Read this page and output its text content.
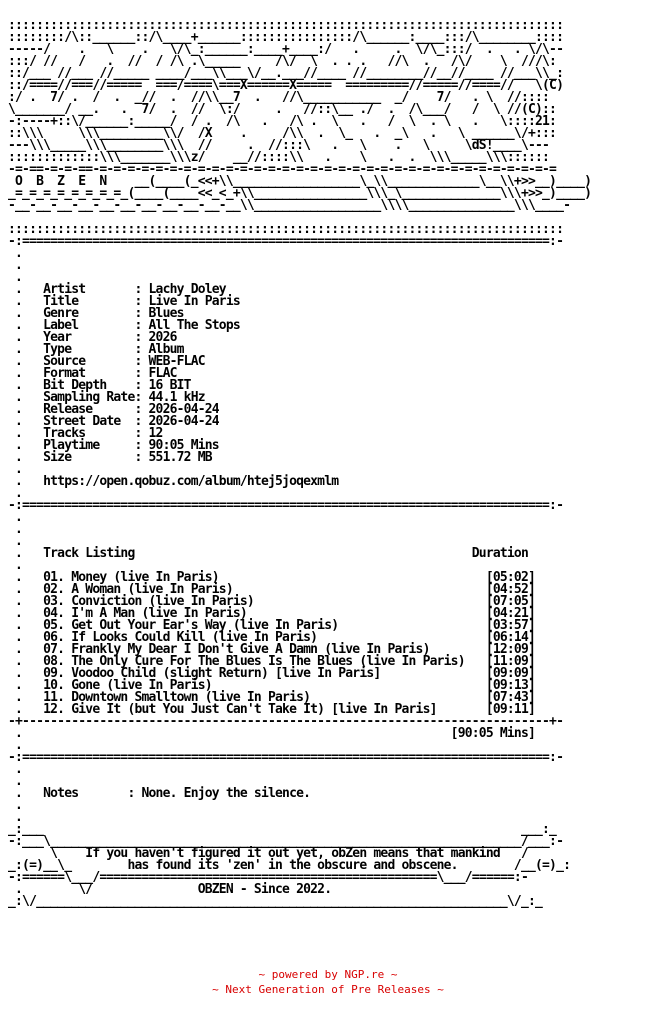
:::::::::::::::::::::::::::::::::::::::::::::::::::::::::::::::::::::::::::::::
::::::::/\::______::/\____+______::::::::::::::::/\______:____:::/\________::::
-----/    .   \    .   \/\_:______:____+____:/   .     .  \/\_:::/  .   . \/\--
:::/ //   /   .  //  / /\ .\_____     /\/  \  . . .   //\  .   /\/    \  ///\:
::/___ //___ //_____ ____/___\\___\/__.___//____ //________//__//____ //___\\_:
::/====//===//=====  ===/====\===X======X=====  =========//=====//====//   \(C)
:/ .  7/ .  /  .  _//  .  //\\__7  .   //\___________  _/    7/   . \  //::::
\_______/ __.   .  7/  .  //  \:/     .   //::\__ ./  .  /\___/   /  \ //(C)::
-:----+::\/______:_____/  / .  /\   .   /\ .  \   .   /  \  . \   .   \::::21:
::\\\     \\\_________\\/  /X    .     /\\  .  \_   .  _\   .   \ ______\/+:::
---\\\_____\\\________\\\  //     .  //:::\   .   \    .   \     \dS!____\---
:::::::::::::\\\_______\\\z/    __//::::\\   .    \   .  .  \\\_____\\\::::::
-=-==-=-=-==-=-=-=-=-=-=-=-=-=-=-=-=-=-=-=-=-=-=-=-=-=-=-=-=-=-=-=-=-=-=-=-=-=
O  B  Z  E  N    __(____(_<<+\\__________________\_\\_____________\__\\+>>__)____)
_=_=_=_=_=_=_=_=_(____(____<<_<_+\\________________\\\_\______________\\\+>>_)____)
-__-__-__-__-__-__-__-__-__-__-__\\__________________\\\\_______________\\\____-
:::::::::::::::::::::::::::::::::::::::::::::::::::::::::::::::::::::::::::::::
-:===========================================================================:-
.
.
.
.   Artist       : Lachy Doley
.   Title        : Live In Paris
.   Genre        : Blues
.   Label        : All The Stops
.   Year         : 2026
.   Type         : Album
.   Source       : WEB-FLAC
.   Format       : FLAC
.   Bit Depth    : 16 BIT
.   Sampling Rate: 44.1 kHz
.   Release      : 2026-04-24
.   Street Date  : 2026-04-24
.   Tracks       : 12
.   Playtime     : 90:05 Mins
.   Size         : 551.72 MB
.
.   https://open.qobuz.com/album/htej5joqexmlm
.
-:===========================================================================:-
.
.
.
.   Track Listing                                                Duration
.
.   01. Money (live In Paris)                                      [05:02]
.   02. A Woman (live In Paris)                                    [04:52]
.   03. Conviction (live In Paris)                                 [07:05]
.   04. I'm A Man (live In Paris)                                  [04:21]
.   05. Get Out Your Ear's Way (live In Paris)                     [03:57]
.   06. If Looks Could Kill (live In Paris)                        [06:14]
.   07. Frankly My Dear I Don't Give A Damn (live In Paris)        [12:09]
.   08. The Only Cure For The Blues Is The Blues (live In Paris)   [11:09]
.   09. Voodoo Child (slight Return) [live In Paris]               [09:09]
.   10. Gone (live In Paris)                                       [09:13]
.   11. Downtown Smalltown (live In Paris)                         [07:43]
.   12. Give It (but You Just Can't Take It) [live In Paris]       [09:11]
-+---------------------------------------------------------------------------+-
.                                                             [90:05 Mins]
.
-:===========================================================================:-
.
.
.   Notes       : None. Enjoy the silence.
.
.
_:___                                                                    ___:_
-:___\___________________________________________________________________/___:-
\    If you haven't figured it out yet, obZen means that mankind   /
_:(=)__\_        has found its 'zen' in the obscure and obscene.        /__(=)_:
-:======\___/================================================\___/======:-
.        \/               OBZEN - Since 2022.
_:\/___________________________________________________________________\/_:_
~ powered by NGP.re ~
~ Next Generation of Pre Releases ~
